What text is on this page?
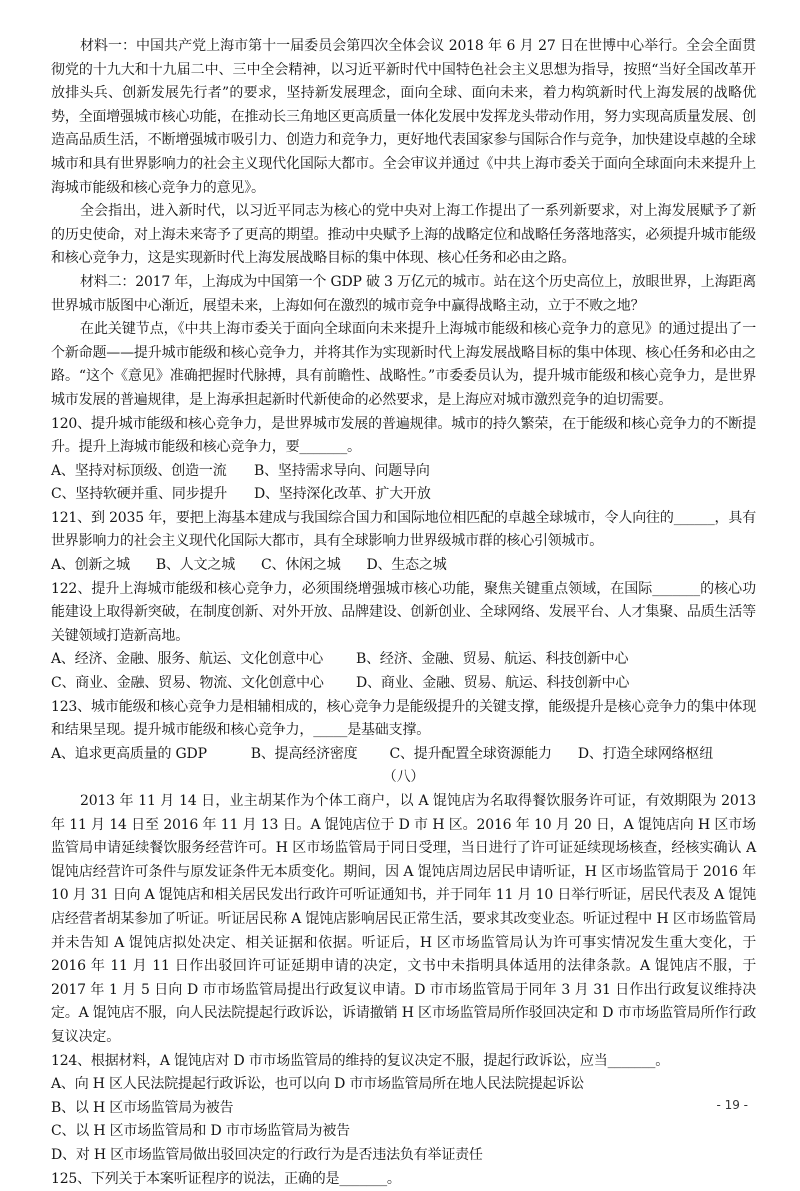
材料一：中国共产党上海市第十一届委员会第四次全体会议 2018 年 6 月 27 日在世博中心举行。全会全面贯彻党的十九大和十九届二中、三中全会精神，以习近平新时代中国特色社会主义思想为指导，按照“当好全国改革开放排头兵、创新发展先行者”的要求，坚持新发展理念，面向全球、面向未来，着力构筑新时代上海发展的战略优势，全面增强城市核心功能，在推动长三角地区更高质量一体化发展中发挥龙头带动作用，努力实现高质量发展、创造高品质生活，不断增强城市吸引力、创造力和竞争力，更好地代表国家参与国际合作与竞争，加快建设卓越的全球城市和具有世界影响力的社会主义现代化国际大都市。全会审议并通过《中共上海市委关于面向全球面向未来提升上海城市能级和核心竞争力的意见》。

全会指出，进入新时代，以习近平同志为核心的党中央对上海工作提出了一系列新要求，对上海发展赋予了新的历史使命，对上海未来寄予了更高的期望。推动中央赋予上海的战略定位和战略任务落地落实，必须提升城市能级和核心竞争力，这是实现新时代上海发展战略目标的集中体现、核心任务和必由之路。

材料二：2017 年，上海成为中国第一个 GDP 破 3 万亿元的城市。站在这个历史高位上，放眼世界，上海距离世界城市版图中心渐近，展望未来，上海如何在激烈的城市竞争中赢得战略主动，立于不败之地？

在此关键节点，《中共上海市委关于面向全球面向未来提升上海城市能级和核心竞争力的意见》的通过提出了一个新命题——提升城市能级和核心竞争力，并将其作为实现新时代上海发展战略目标的集中体现、核心任务和必由之路。“这个《意见》准确把握时代脉搏，具有前瞻性、战略性。”市委委员认为，提升城市能级和核心竞争力，是世界城市发展的普遍规律，是上海承担起新时代新使命的必然要求，是上海应对城市激烈竞争的迫切需要。

120、提升城市能级和核心竞争力，是世界城市发展的普遍规律。城市的持久繁荣，在于能级和核心竞争力的不断提升。提升上海城市能级和核心竞争力，要_______。

A、坚持对标顶级、创造一流	B、坚持需求导向、问题导向
C、坚持软硬并重、同步提升	D、坚持深化改革、扩大开放

121、到 2035 年，要把上海基本建成与我国综合国力和国际地位相匹配的卓越全球城市，令人向往的______，具有世界影响力的社会主义现代化国际大都市，具有全球影响力世界级城市群的核心引领城市。

A、创新之城 B、人文之城 C、休闲之城 D、生态之城

122、提升上海城市能级和核心竞争力，必须围绕增强城市核心功能，聚焦关键重点领域，在国际_______的核心功能建设上取得新突破，在制度创新、对外开放、品牌建设、创新创业、全球网络、发展平台、人才集聚、品质生活等关键领域打造新高地。

A、经济、金融、服务、航运、文化创意中心	B、经济、金融、贸易、航运、科技创新中心
C、商业、金融、贸易、物流、文化创意中心	D、商业、金融、贸易、航运、科技创新中心

123、城市能级和核心竞争力是相辅相成的，核心竞争力是能级提升的关键支撑，能级提升是核心竞争力的集中体现和结果呈现。提升城市能级和核心竞争力，_____是基础支撑。

A、追求更高质量的 GDP	B、提高经济密度 C、提升配置全球资源能力 D、打造全球网络枢纽

（八）

2013 年 11 月 14 日，业主胡某作为个体工商户，以 A 馄饨店为名取得餐饮服务许可证，有效期限为 2013 年 11 月 14 日至 2016 年 11 月 13 日。A 馄饨店位于 D 市 H 区。2016 年 10 月 20 日，A 馄饨店向 H 区市场监管局申请延续餐饮服务经营许可。H 区市场监管局于同日受理，当日进行了许可证延续现场核查，经核实确认 A 馄饨店经营许可条件与原发证条件无本质变化。期间，因 A 馄饨店周边居民申请听证，H 区市场监管局于 2016 年 10 月 31 日向 A 馄饨店和相关居民发出行政许可听证通知书，并于同年 11 月 10 日举行听证，居民代表及 A 馄饨店经营者胡某参加了听证。听证居民称 A 馄饨店影响居民正常生活，要求其改变业态。听证过程中 H 区市场监管局并未告知 A 馄饨店拟处决定、相关证据和依据。听证后，H 区市场监管局认为许可事实情况发生重大变化，于 2016 年 11 月 11 日作出驳回许可证延期申请的决定，文书中未指明具体适用的法律条款。A 馄饨店不服，于 2017 年 1 月 5 日向 D 市市场监管局提出行政复议申请。D 市市场监管局于同年 3 月 31 日作出行政复议维持决定。A 馄饨店不服，向人民法院提起行政诉讼，诉请撤销 H 区市场监管局所作驳回决定和 D 市市场监管局所作行政复议决定。

124、根据材料，A 馄饨店对 D 市市场监管局的维持的复议决定不服，提起行政诉讼，应当_______。

A、向 H 区人民法院提起行政诉讼，也可以向 D 市市场监管局所在地人民法院提起诉讼

B、以 H 区市场监管局为被告

C、以 H 区市场监管局和 D 市市场监管局为被告

D、对 H 区市场监管局做出驳回决定的行政行为是否违法负有举证责任

125、下列关于本案听证程序的说法，正确的是_______。

- 19 -
